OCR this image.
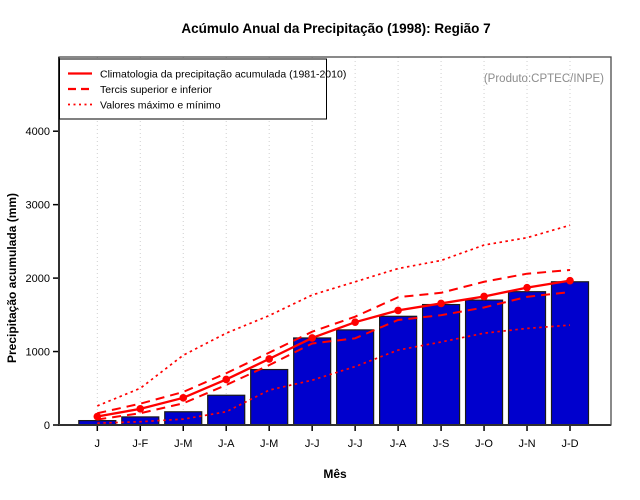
Acúmulo Anual da Precipitação (1998): Região 7
0
1000
2000
3000
4000
J	J-F J-M J-A J-M J-J	J-J J-A J-S J-O J-N J-D
Mês
Precipitação acumulada (mm)
(Produto:CPTEC/INPE)
Climatologia da precipitação acumulada (1981-2010)
Tercis superior e inferior
Valores máximo e mínimo
